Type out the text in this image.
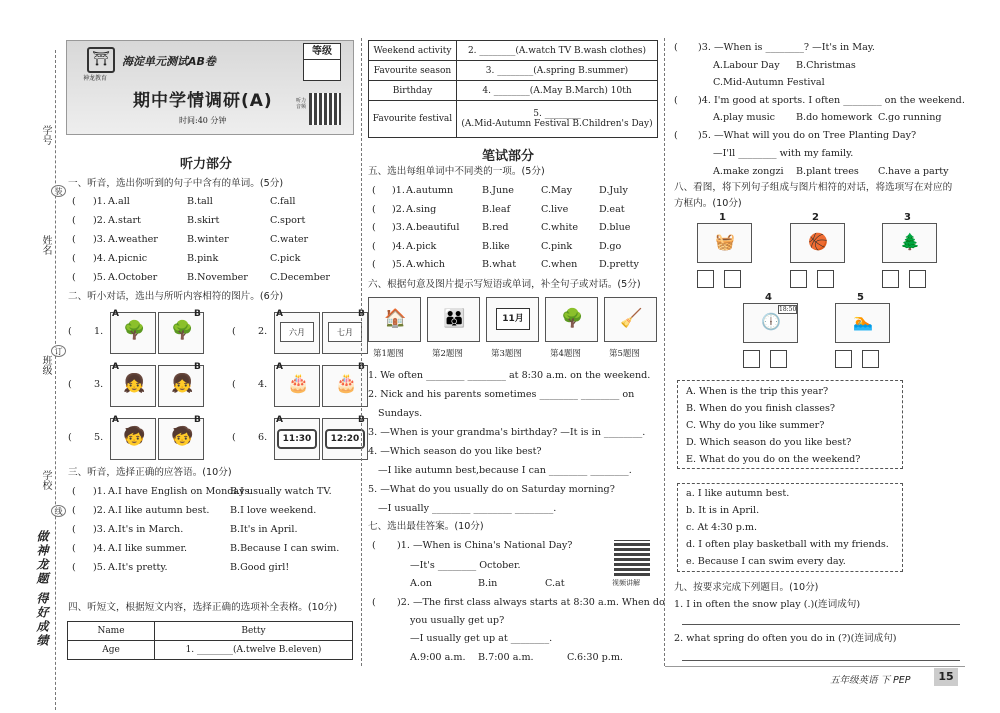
学号
姓名
班级
学校
装
订
线
做神龙题 得好成绩
⛩
神龙教育
海淀单元测试AB卷
期中学情调研(A)
时间:40 分钟
等级
听力音频
听力部分
一、听音，选出你听到的句子中含有的单词。(5分)
( )1. A.all	B.tall	C.fall
( )2. A.start	B.skirt	C.sport
( )3. A.weather	B.winter	C.water
( )4. A.picnic	B.pink	C.pick
( )5. A.October	B.November C.December
二、听小对话，选出与所听内容相符的图片。(6分)
( 1.
A
🌳
B
🌳	( 2.
A
六月
B
七月
( 3.
A
👧
B
👧	( 4.
A
🎂
B
🎂
( 5.
A
🧒
B
🧒	( 6.
A
11:30
B
12:20
三、听音，选择正确的应答语。(10分)
( )1. A.I have English on Mondays.
B.I usually watch TV.
( )2. A.I like autumn best. B.I love weekend.
( )3. A.It's in March.	B.It's in April.
( )4. A.I like summer.	B.Because I can swim.
( )5. A.It's pretty.	B.Good girl!
四、听短文，根据短文内容，选择正确的选项补全表格。(10分)
Name	Betty
Age	1. ________(A.twelve B.eleven)
Weekend activity	2. ________(A.watch TV B.wash clothes)
Favourite season	3. ________(A.spring B.summer)
Birthday	4. ________(A.May B.March) 10th
Favourite festival	5. ________
(A.Mid-Autumn Festival B.Children's Day)
笔试部分
五、选出每组单词中不同类的一项。(5分)
( )1. A.autumn	B.June	C.May	D.July
( )2. A.sing	B.leaf	C.live	D.eat
( )3. A.beautiful B.red	C.white D.blue
( )4. A.pick	B.like	C.pink	D.go
( )5. A.which	B.what	C.when D.pretty
六、根据句意及图片提示写短语或单词，补全句子或对话。(5分)
🏠
第1题图
👪
第2题图
11月
第3题图
🌳
第4题图
🧹
第5题图
1. We often ________ ________ at 8:30 a.m. on the weekend.
2. Nick and his parents sometimes ________ ________ on
Sundays.
3. —When is your grandma's birthday? —It is in ________.
4. —Which season do you like best?
—I like autumn best,because I can ________ ________.
5. —What do you usually do on Saturday morning?
—I usually ________ ________ ________.
七、选出最佳答案。(10分)
( )1. —When is China's National Day?
—It's ________ October.
A.on	B.in	C.at	视频讲解
( )2. —The first class always starts at 8:30 a.m. When do
you usually get up?
—I usually get up at ________.
A.9:00 a.m. B.7:00 a.m.	C.6:30 p.m.
( )3. —When is ________? —It's in May.
A.Labour Day B.Christmas
C.Mid-Autumn Festival
( )4. I'm good at sports. I often ________ on the weekend.
A.play music B.do homework C.go running
( )5. —What will you do on Tree Planting Day?
—I'll ________ with my family.
A.make zongzi B.plant trees C.have a party
八、看图，将下列句子组成与图片相符的对话，将选项写在对应的
方框内。(10分)
1
🧺
2
🏀
3
🌲
4
18:50
🕕
5
🏊
A. When is the trip this year?
B. When do you finish classes?
C. Why do you like summer?
D. Which season do you like best?
E. What do you do on the weekend?
a. I like autumn best.
b. It is in April.
c. At 4:30 p.m.
d. I often play basketball with my friends.
e. Because I can swim every day.
九、按要求完成下列题目。(10分)
1. I in often the snow play (.)(连词成句)
2. what spring do often you do in (?)(连词成句)
五年级英语 下 PEP	15
